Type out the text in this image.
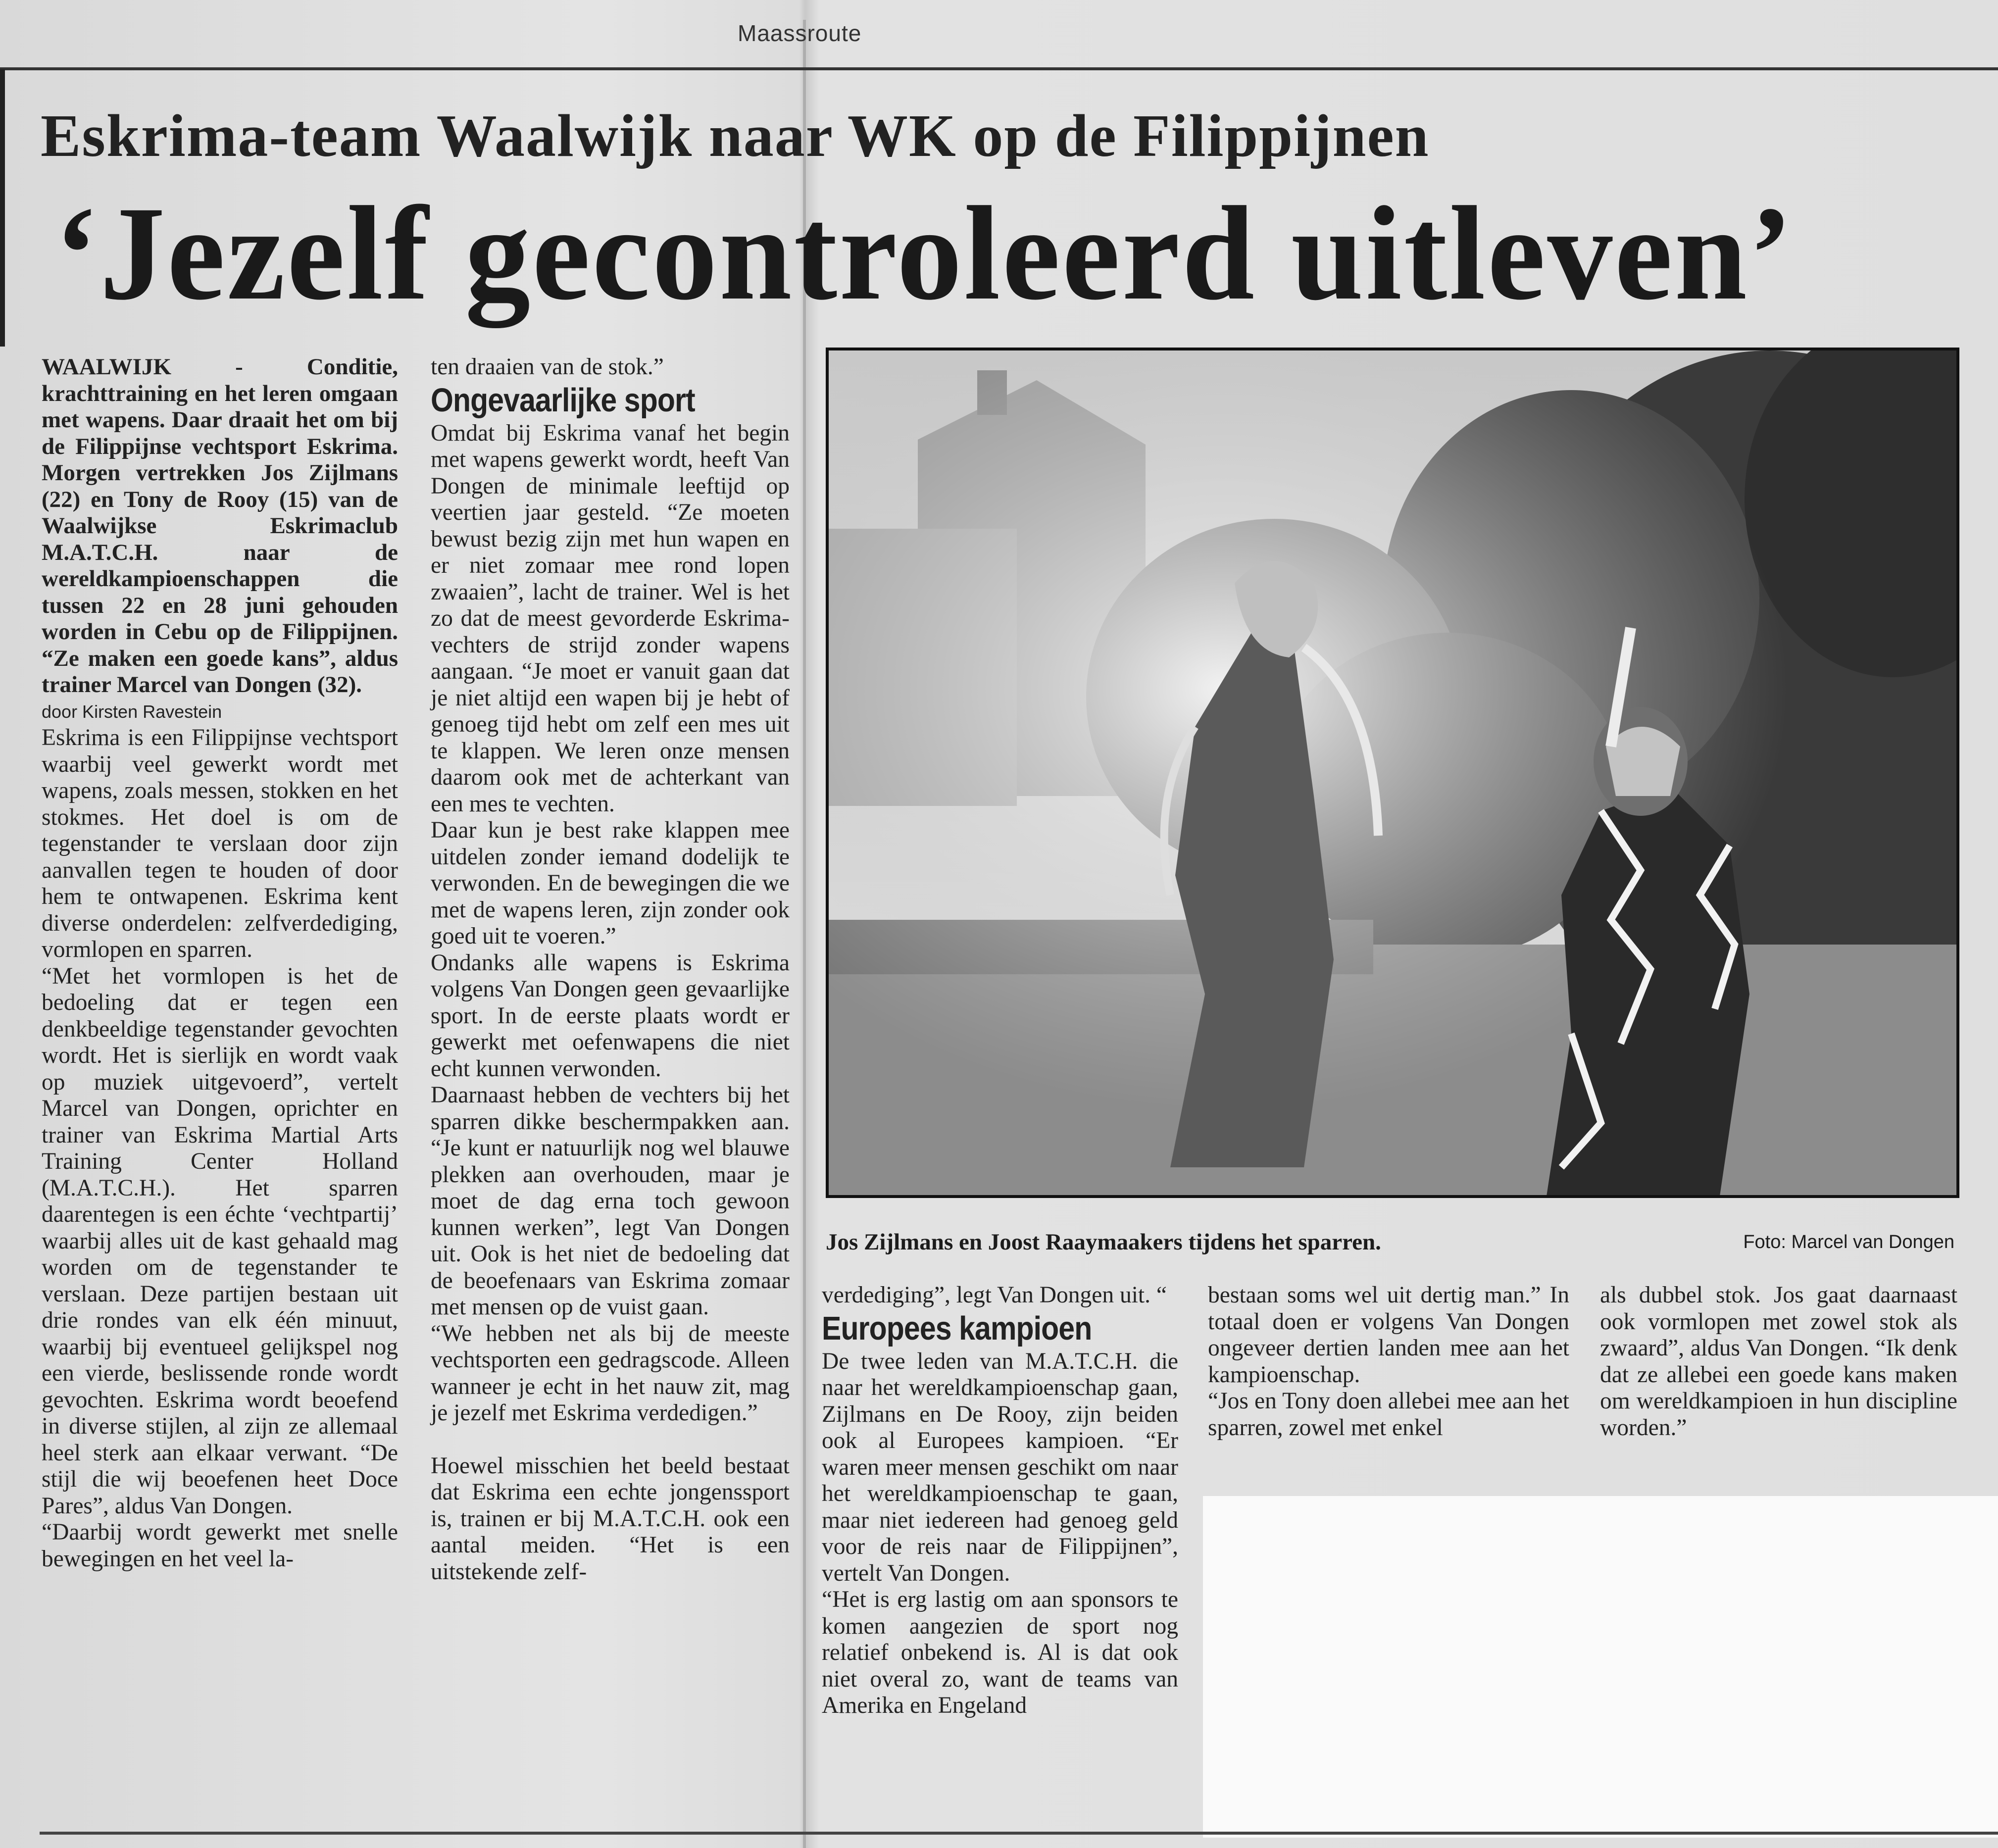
Maassroute
Eskrima-team Waalwijk naar WK op de Filippijnen
‘Jezelf gecontroleerd uitleven’

WAALWIJK - Conditie, krachttraining en het leren omgaan met wapens. Daar draait het om bij de Filippijnse vechtsport Eskrima. Morgen vertrekken Jos Zijlmans (22) en Tony de Rooy (15) van de Waalwijkse Eskrimaclub M.A.T.C.H. naar de wereldkampioenschappen die tussen 22 en 28 juni gehouden worden in Cebu op de Filippijnen. “Ze maken een goede kans”, aldus trainer Marcel van Dongen (32).

door Kirsten Ravestein

Eskrima is een Filippijnse vechtsport waarbij veel gewerkt wordt met wapens, zoals messen, stokken en het stokmes. Het doel is om de tegenstander te verslaan door zijn aanvallen tegen te houden of door hem te ontwapenen. Eskrima kent diverse onderdelen: zelfverdediging, vormlopen en sparren.

“Met het vormlopen is het de bedoeling dat er tegen een denkbeeldige tegenstander gevochten wordt. Het is sierlijk en wordt vaak op muziek uitgevoerd”, vertelt Marcel van Dongen, oprichter en trainer van Eskrima Martial Arts Training Center Holland (M.A.T.C.H.). Het sparren daarentegen is een échte ‘vechtpartij’ waarbij alles uit de kast gehaald mag worden om de tegenstander te verslaan. Deze partijen bestaan uit drie rondes van elk één minuut, waarbij bij eventueel gelijkspel nog een vierde, beslissende ronde wordt gevochten. Eskrima wordt beoefend in diverse stijlen, al zijn ze allemaal heel sterk aan elkaar verwant. “De stijl die wij beoefenen heet Doce Pares”, aldus Van Dongen.

“Daarbij wordt gewerkt met snelle bewegingen en het veel la-

ten draaien van de stok.”

Ongevaarlijke sport

Omdat bij Eskrima vanaf het begin met wapens gewerkt wordt, heeft Van Dongen de minimale leeftijd op veertien jaar gesteld. “Ze moeten bewust bezig zijn met hun wapen en er niet zomaar mee rond lopen zwaaien”, lacht de trainer. Wel is het zo dat de meest gevorderde Eskrima-vechters de strijd zonder wapens aangaan. “Je moet er vanuit gaan dat je niet altijd een wapen bij je hebt of genoeg tijd hebt om zelf een mes uit te klappen. We leren onze mensen daarom ook met de achterkant van een mes te vechten.

Daar kun je best rake klappen mee uitdelen zonder iemand dodelijk te verwonden. En de bewegingen die we met de wapens leren, zijn zonder ook goed uit te voeren.”

Ondanks alle wapens is Eskrima volgens Van Dongen geen gevaarlijke sport. In de eerste plaats wordt er gewerkt met oefenwapens die niet echt kunnen verwonden.

Daarnaast hebben de vechters bij het sparren dikke beschermpakken aan. “Je kunt er natuurlijk nog wel blauwe plekken aan overhouden, maar je moet de dag erna toch gewoon kunnen werken”, legt Van Dongen uit. Ook is het niet de bedoeling dat de beoefenaars van Eskrima zomaar met mensen op de vuist gaan.

“We hebben net als bij de meeste vechtsporten een gedragscode. Alleen wanneer je echt in het nauw zit, mag je jezelf met Eskrima verdedigen.”

Hoewel misschien het beeld bestaat dat Eskrima een echte jongenssport is, trainen er bij M.A.T.C.H. ook een aantal meiden. “Het is een uitstekende zelf-

Jos Zijlmans en Joost Raaymaakers tijdens het sparren.	Foto: Marcel van Dongen

verdediging”, legt Van Dongen uit. “

Europees kampioen

De twee leden van M.A.T.C.H. die naar het wereldkampioenschap gaan, Zijlmans en De Rooy, zijn beiden ook al Europees kampioen. “Er waren meer mensen geschikt om naar het wereldkampioenschap te gaan, maar niet iedereen had genoeg geld voor de reis naar de Filippijnen”, vertelt Van Dongen.

“Het is erg lastig om aan sponsors te komen aangezien de sport nog relatief onbekend is. Al is dat ook niet overal zo, want de teams van Amerika en Engeland

bestaan soms wel uit dertig man.” In totaal doen er volgens Van Dongen ongeveer dertien landen mee aan het kampioenschap.

“Jos en Tony doen allebei mee aan het sparren, zowel met enkel

als dubbel stok. Jos gaat daarnaast ook vormlopen met zowel stok als zwaard”, aldus Van Dongen. “Ik denk dat ze allebei een goede kans maken om wereldkampioen in hun discipline worden.”
